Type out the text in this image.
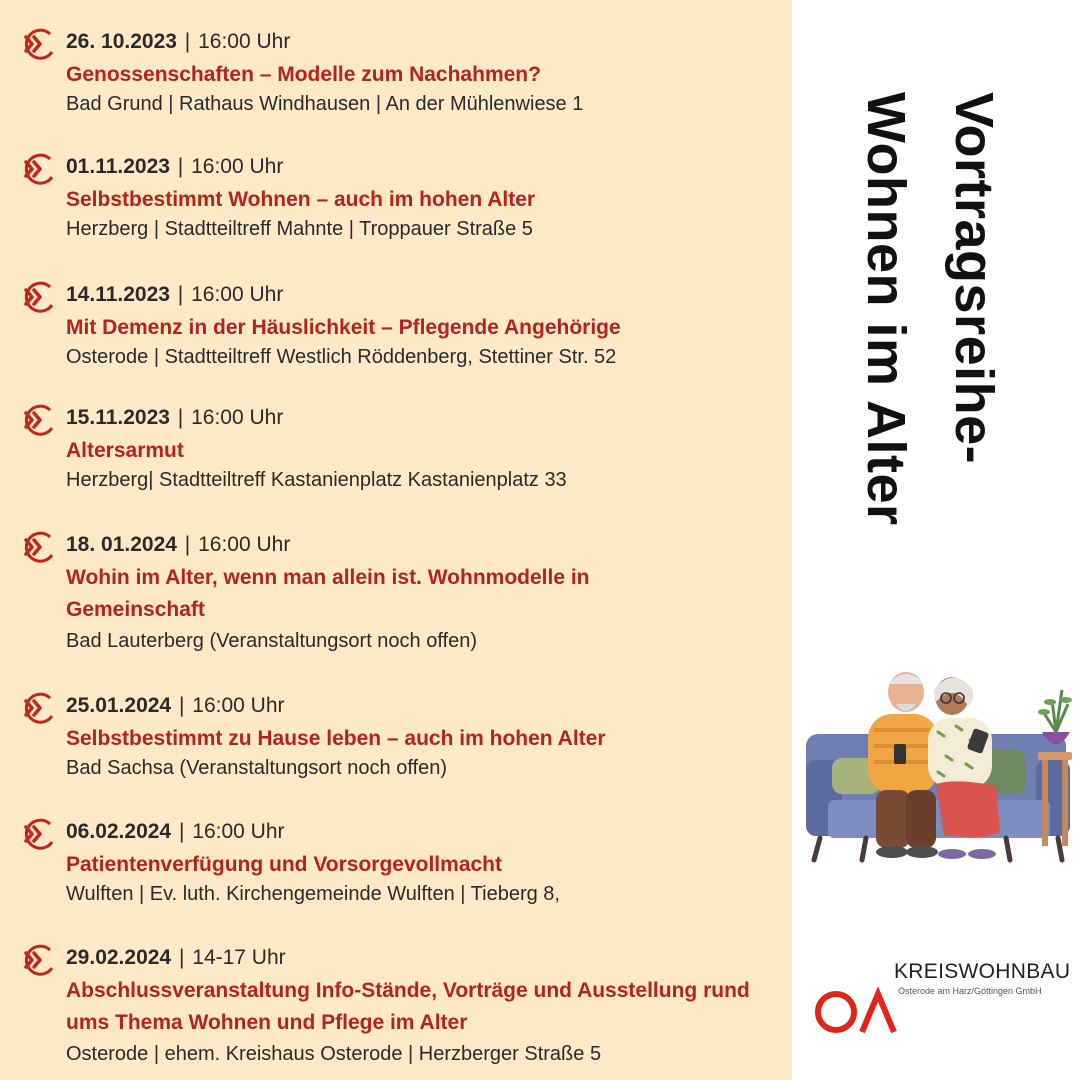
26. 10.2023 | 16:00 Uhr
Genossenschaften – Modelle zum Nachahmen?
Bad Grund | Rathaus Windhausen | An der Mühlenwiese 1
01.11.2023 | 16:00 Uhr
Selbstbestimmt Wohnen – auch im hohen Alter
Herzberg | Stadtteiltreff Mahnte | Troppauer Straße 5
14.11.2023 | 16:00 Uhr
Mit Demenz in der Häuslichkeit – Pflegende Angehörige
Osterode | Stadtteiltreff Westlich Röddenberg, Stettiner Str. 52
15.11.2023 | 16:00 Uhr
Altersarmut
Herzberg| Stadtteiltreff Kastanienplatz Kastanienplatz 33
18. 01.2024 | 16:00 Uhr
Wohin im Alter, wenn man allein ist. Wohnmodelle in Gemeinschaft
Bad Lauterberg (Veranstaltungsort noch offen)
25.01.2024 | 16:00 Uhr
Selbstbestimmt zu Hause leben – auch im hohen Alter
Bad Sachsa (Veranstaltungsort noch offen)
06.02.2024 | 16:00 Uhr
Patientenverfügung und Vorsorgevollmacht
Wulften | Ev. luth. Kirchengemeinde Wulften | Tieberg 8,
29.02.2024 | 14-17 Uhr
Abschlussveranstaltung Info-Stände, Vorträge und Ausstellung rund ums Thema Wohnen und Pflege im Alter
Osterode | ehem. Kreishaus Osterode | Herzberger Straße 5
Vortragsreihe-
Wohnen im Alter
KREISWOHNBAU
Osterode am Harz/Göttingen GmbH
